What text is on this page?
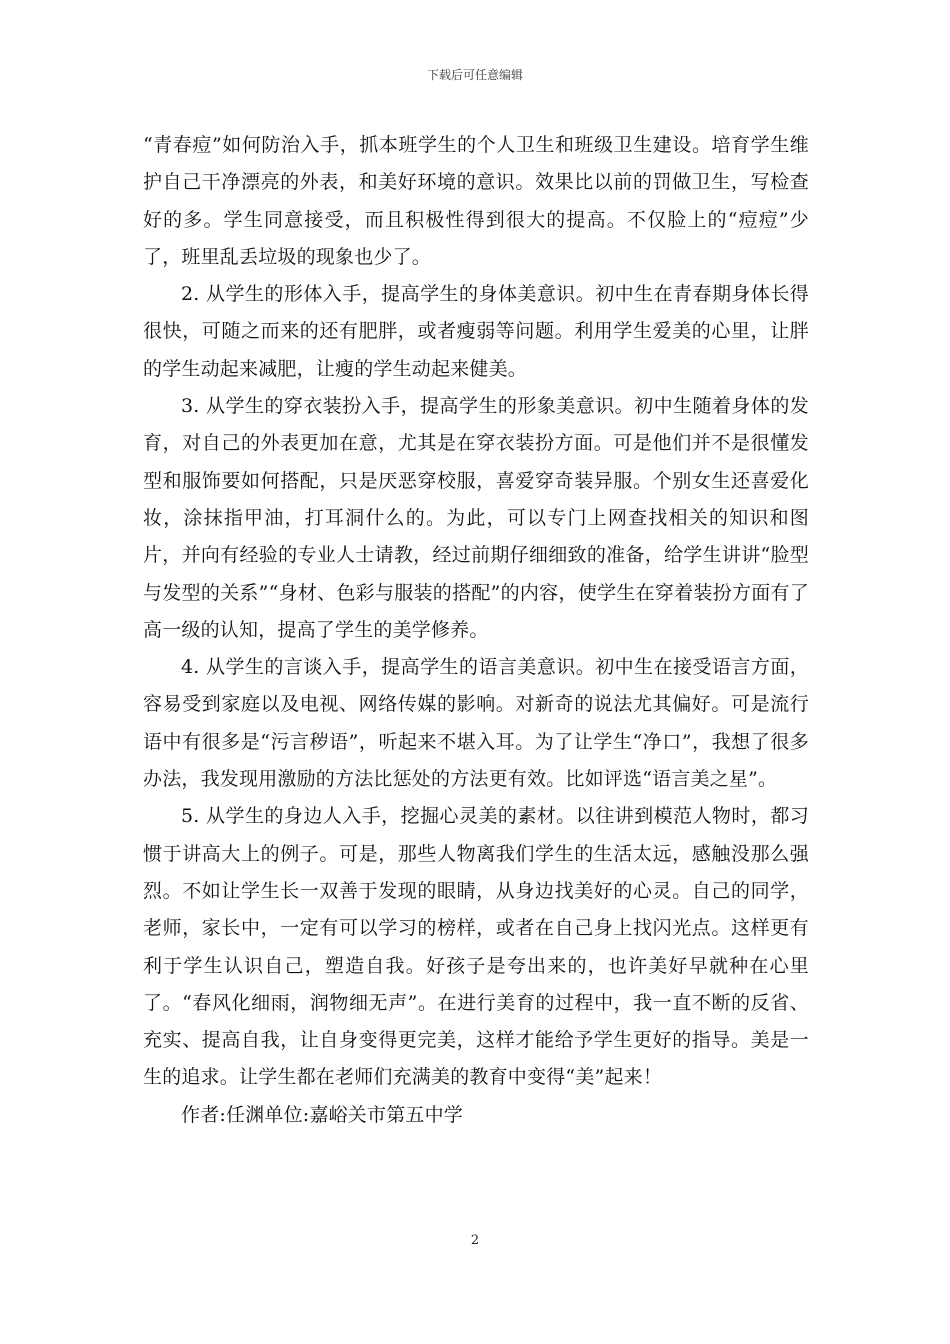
下载后可任意编辑

“青春痘”如何防治入手，抓本班学生的个人卫生和班级卫生建设。培育学生维护自己干净漂亮的外表，和美好环境的意识。效果比以前的罚做卫生，写检查好的多。学生同意接受，而且积极性得到很大的提高。不仅脸上的“痘痘”少了，班里乱丢垃圾的现象也少了。

2. 从学生的形体入手，提高学生的身体美意识。初中生在青春期身体长得很快，可随之而来的还有肥胖，或者瘦弱等问题。利用学生爱美的心里，让胖的学生动起来减肥，让瘦的学生动起来健美。

3. 从学生的穿衣装扮入手，提高学生的形象美意识。初中生随着身体的发育，对自己的外表更加在意，尤其是在穿衣装扮方面。可是他们并不是很懂发型和服饰要如何搭配，只是厌恶穿校服，喜爱穿奇装异服。个别女生还喜爱化妆，涂抹指甲油，打耳洞什么的。为此，可以专门上网查找相关的知识和图片，并向有经验的专业人士请教，经过前期仔细细致的准备，给学生讲讲“脸型与发型的关系”“身材、色彩与服装的搭配”的内容，使学生在穿着装扮方面有了高一级的认知，提高了学生的美学修养。

4. 从学生的言谈入手，提高学生的语言美意识。初中生在接受语言方面，容易受到家庭以及电视、网络传媒的影响。对新奇的说法尤其偏好。可是流行语中有很多是“污言秽语”，听起来不堪入耳。为了让学生“净口”，我想了很多办法，我发现用激励的方法比惩处的方法更有效。比如评选“语言美之星”。

5. 从学生的身边人入手，挖掘心灵美的素材。以往讲到模范人物时，都习惯于讲高大上的例子。可是，那些人物离我们学生的生活太远，感触没那么强烈。不如让学生长一双善于发现的眼睛，从身边找美好的心灵。自己的同学，老师，家长中，一定有可以学习的榜样，或者在自己身上找闪光点。这样更有利于学生认识自己，塑造自我。好孩子是夸出来的，也许美好早就种在心里了。“春风化细雨，润物细无声”。在进行美育的过程中，我一直不断的反省、充实、提高自我，让自身变得更完美，这样才能给予学生更好的指导。美是一生的追求。让学生都在老师们充满美的教育中变得“美”起来！

作者:任渊单位:嘉峪关市第五中学

2
